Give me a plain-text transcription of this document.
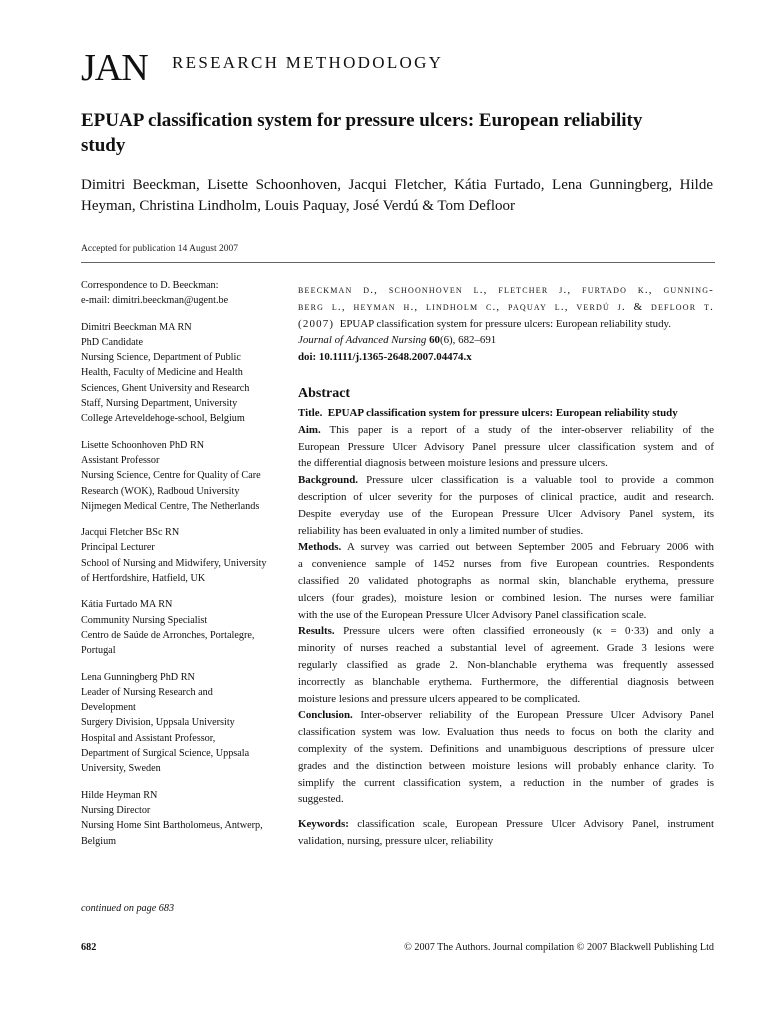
JAN RESEARCH METHODOLOGY
EPUAP classification system for pressure ulcers: European reliability
study
Dimitri Beeckman, Lisette Schoonhoven, Jacqui Fletcher, Kátia Furtado, Lena Gunningberg, Hilde
Heyman, Christina Lindholm, Louis Paquay, José Verdú & Tom Defloor
Accepted for publication 14 August 2007
Correspondence to D. Beeckman:
e-mail: dimitri.beeckman@ugent.be
Dimitri Beeckman MA RN
PhD Candidate
Nursing Science, Department of Public
Health, Faculty of Medicine and Health
Sciences, Ghent University and Research
Staff, Nursing Department, University
College Arteveldehoge-school, Belgium
Lisette Schoonhoven PhD RN
Assistant Professor
Nursing Science, Centre for Quality of Care
Research (WOK), Radboud University
Nijmegen Medical Centre, The Netherlands
Jacqui Fletcher BSc RN
Principal Lecturer
School of Nursing and Midwifery, University
of Hertfordshire, Hatfield, UK
Kátia Furtado MA RN
Community Nursing Specialist
Centro de Saúde de Arronches, Portalegre,
Portugal
Lena Gunningberg PhD RN
Leader of Nursing Research and
Development
Surgery Division, Uppsala University
Hospital and Assistant Professor,
Department of Surgical Science, Uppsala
University, Sweden
Hilde Heyman RN
Nursing Director
Nursing Home Sint Bartholomeus, Antwerp,
Belgium
continued on page 683
beeckman d., schoonhoven l., fletcher j., furtado k., gunning-
berg l., heyman h., lindholm c., paquay l., verdú j. & defloor t.
(2007) EPUAP classification system for pressure ulcers: European reliability study.
Journal of Advanced Nursing 60(6), 682–691
doi: 10.1111/j.1365-2648.2007.04474.x
Abstract
Title. EPUAP classification system for pressure ulcers: European reliability study
Aim. This paper is a report of a study of the inter-observer reliability of the
European Pressure Ulcer Advisory Panel pressure ulcer classification system and of
the differential diagnosis between moisture lesions and pressure ulcers.
Background. Pressure ulcer classification is a valuable tool to provide a common
description of ulcer severity for the purposes of clinical practice, audit and research.
Despite everyday use of the European Pressure Ulcer Advisory Panel system, its
reliability has been evaluated in only a limited number of studies.
Methods. A survey was carried out between September 2005 and February 2006 with
a convenience sample of 1452 nurses from five European countries. Respondents
classified 20 validated photographs as normal skin, blanchable erythema, pressure
ulcers (four grades), moisture lesion or combined lesion. The nurses were familiar
with the use of the European Pressure Ulcer Advisory Panel classification scale.
Results. Pressure ulcers were often classified erroneously (κ = 0·33) and only a
minority of nurses reached a substantial level of agreement. Grade 3 lesions were
regularly classified as grade 2. Non-blanchable erythema was frequently assessed
incorrectly as blanchable erythema. Furthermore, the differential diagnosis between
moisture lesions and pressure ulcers appeared to be complicated.
Conclusion. Inter-observer reliability of the European Pressure Ulcer Advisory Panel
classification system was low. Evaluation thus needs to focus on both the clarity and
complexity of the system. Definitions and unambiguous descriptions of pressure ulcer
grades and the distinction between moisture lesions will probably enhance clarity. To
simplify the current classification system, a reduction in the number of grades is
suggested.
Keywords: classification scale, European Pressure Ulcer Advisory Panel, instrument
validation, nursing, pressure ulcer, reliability
682	© 2007 The Authors. Journal compilation © 2007 Blackwell Publishing Ltd
